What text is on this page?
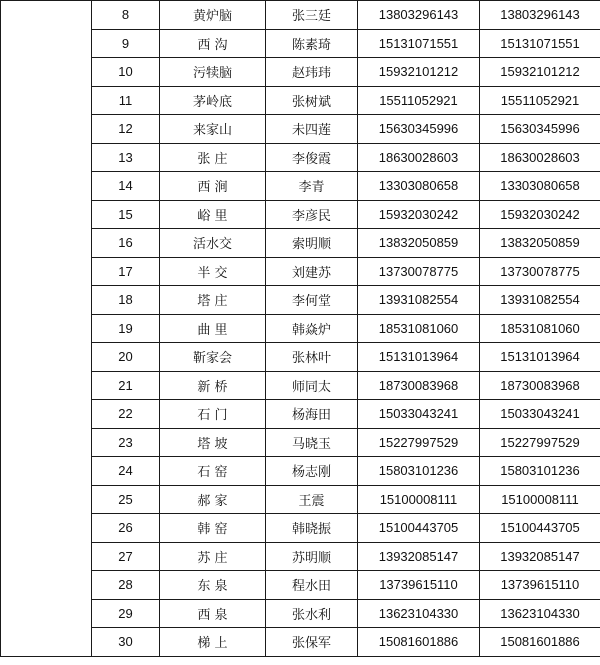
	8	黄炉脑	张三廷	13803296143	13803296143
	9	西 沟	陈素琦	15131071551	15131071551
	10	污犊脑	赵玮玮	15932101212	15932101212
	11	茅岭底	张树斌	15511052921	15511052921
	12	来家山	未四莲	15630345996	15630345996
	13	张 庄	李俊霞	18630028603	18630028603
	14	西 涧	李青	13303080658	13303080658
	15	峪 里	李彦民	15932030242	15932030242
	16	活水交	索明顺	13832050859	13832050859
	17	半 交	刘建苏	13730078775	13730078775
	18	塔 庄	李何堂	13931082554	13931082554
	19	曲 里	韩焱炉	18531081060	18531081060
	20	靳家会	张林叶	15131013964	15131013964
	21	新 桥	师同太	18730083968	18730083968
	22	石 门	杨海田	15033043241	15033043241
	23	塔 坡	马晓玉	15227997529	15227997529
	24	石 窑	杨志刚	15803101236	15803101236
	25	郝 家	王震	15100008111	15100008111
	26	韩 窑	韩晓振	15100443705	15100443705
	27	苏 庄	苏明顺	13932085147	13932085147
	28	东 泉	程水田	13739615110	13739615110
	29	西 泉	张水利	13623104330	13623104330
	30	梯 上	张保军	15081601886	15081601886
